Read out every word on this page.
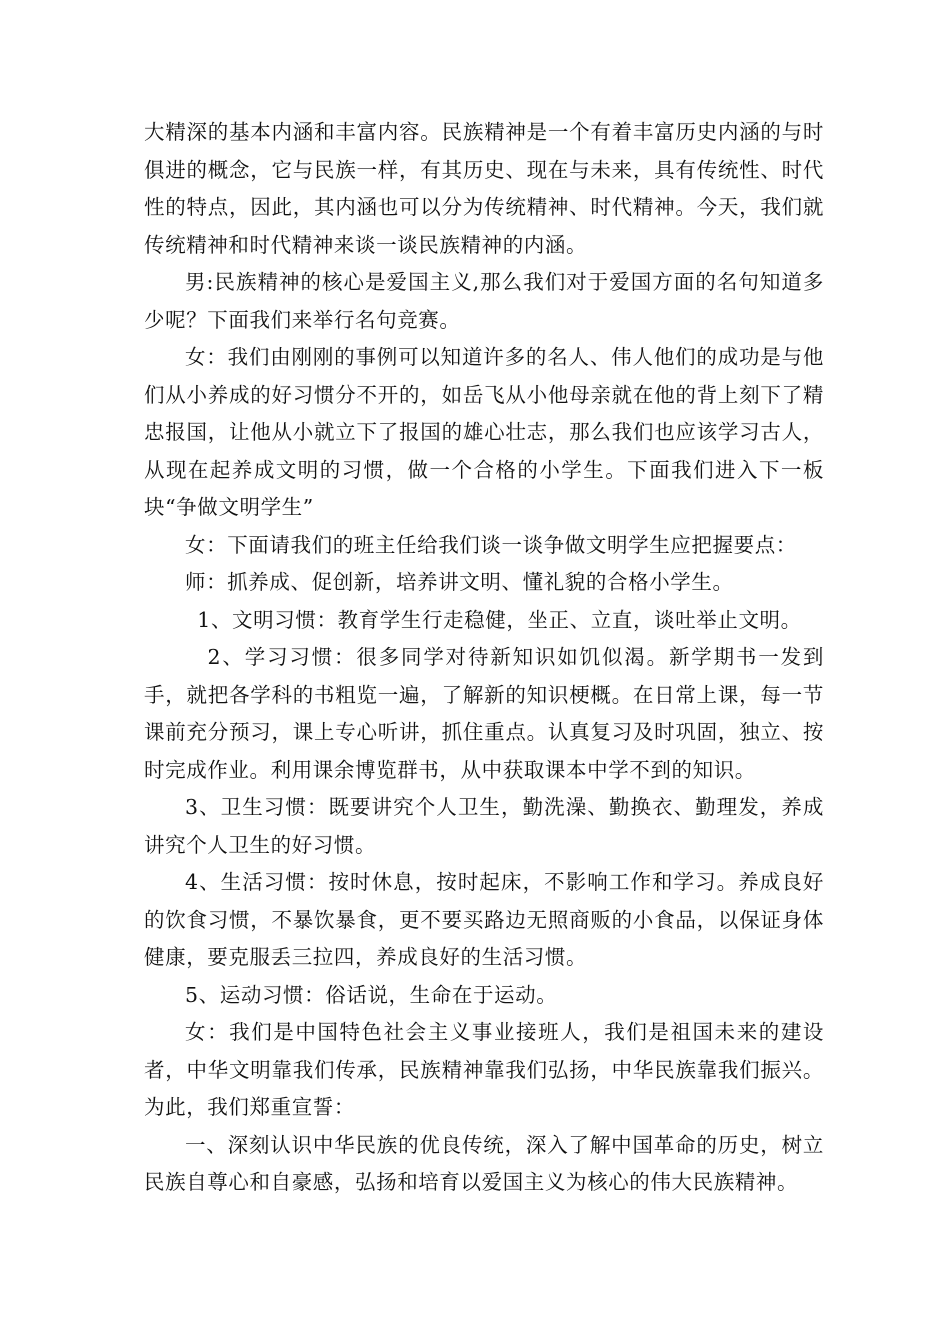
大精深的基本内涵和丰富内容。民族精神是一个有着丰富历史内涵的与时俱进的概念，它与民族一样，有其历史、现在与未来，具有传统性、时代性的特点，因此，其内涵也可以分为传统精神、时代精神。今天，我们就传统精神和时代精神来谈一谈民族精神的内涵。

男:民族精神的核心是爱国主义,那么我们对于爱国方面的名句知道多少呢？下面我们来举行名句竞赛。

女：我们由刚刚的事例可以知道许多的名人、伟人他们的成功是与他们从小养成的好习惯分不开的，如岳飞从小他母亲就在他的背上刻下了精忠报国，让他从小就立下了报国的雄心壮志，那么我们也应该学习古人，从现在起养成文明的习惯，做一个合格的小学生。下面我们进入下一板块“争做文明学生”

女：下面请我们的班主任给我们谈一谈争做文明学生应把握要点：

师：抓养成、促创新，培养讲文明、懂礼貌的合格小学生。

1、文明习惯：教育学生行走稳健，坐正、立直，谈吐举止文明。

2、学习习惯：很多同学对待新知识如饥似渴。新学期书一发到手，就把各学科的书粗览一遍，了解新的知识梗概。在日常上课，每一节课前充分预习，课上专心听讲，抓住重点。认真复习及时巩固，独立、按时完成作业。利用课余博览群书，从中获取课本中学不到的知识。

3、卫生习惯：既要讲究个人卫生，勤洗澡、勤换衣、勤理发，养成讲究个人卫生的好习惯。

4、生活习惯：按时休息，按时起床，不影响工作和学习。养成良好的饮食习惯，不暴饮暴食，更不要买路边无照商贩的小食品，以保证身体健康，要克服丢三拉四，养成良好的生活习惯。

5、运动习惯：俗话说，生命在于运动。

女：我们是中国特色社会主义事业接班人，我们是祖国未来的建设者，中华文明靠我们传承，民族精神靠我们弘扬，中华民族靠我们振兴。为此，我们郑重宣誓：

一、深刻认识中华民族的优良传统，深入了解中国革命的历史，树立民族自尊心和自豪感，弘扬和培育以爱国主义为核心的伟大民族精神。
